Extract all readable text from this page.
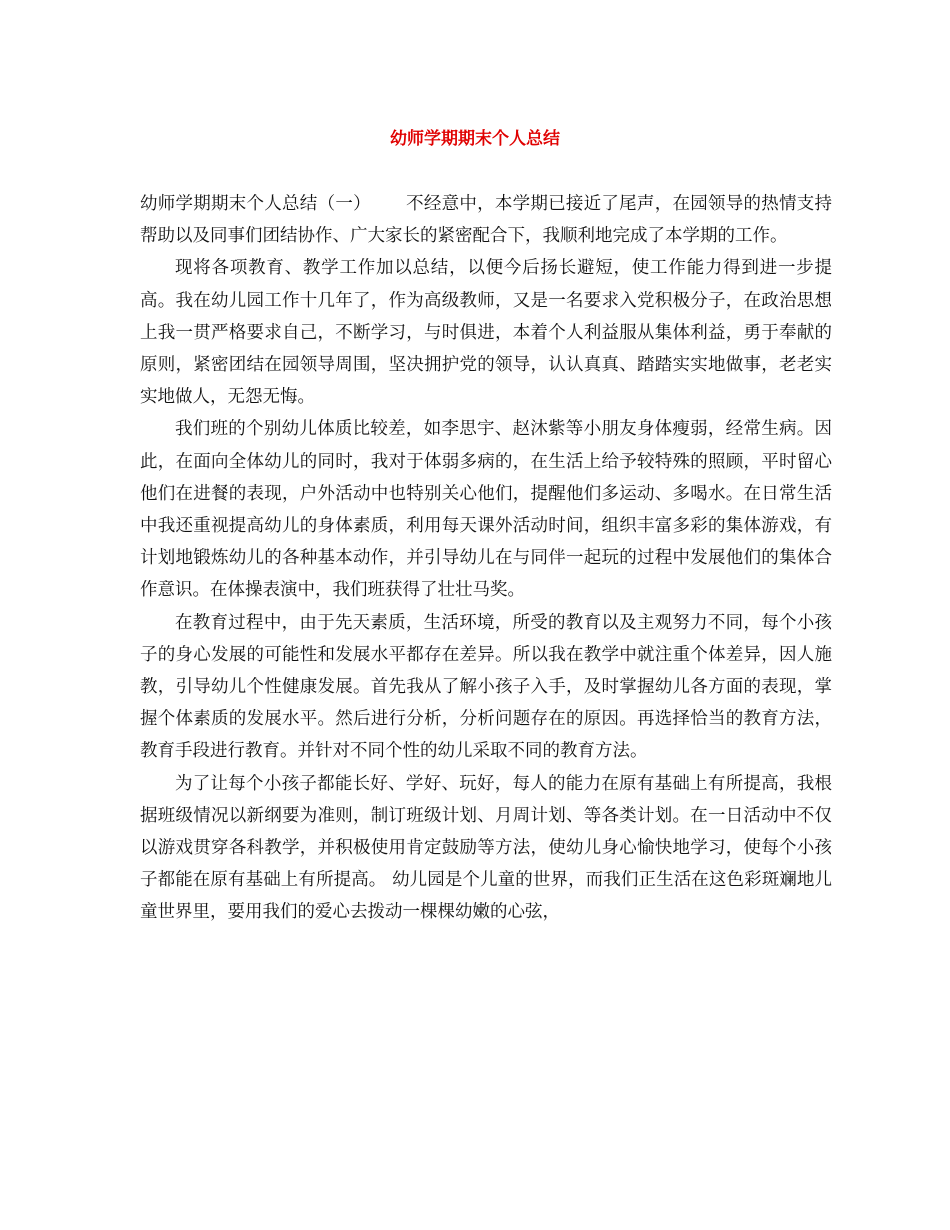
幼师学期期末个人总结

幼师学期期末个人总结（一） 不经意中，本学期已接近了尾声，在园领导的热情支持帮助以及同事们团结协作、广大家长的紧密配合下，我顺利地完成了本学期的工作。

现将各项教育、教学工作加以总结，以便今后扬长避短，使工作能力得到进一步提高。我在幼儿园工作十几年了，作为高级教师，又是一名要求入党积极分子，在政治思想上我一贯严格要求自己，不断学习，与时俱进，本着个人利益服从集体利益，勇于奉献的原则，紧密团结在园领导周围，坚决拥护党的领导，认认真真、踏踏实实地做事，老老实实地做人，无怨无悔。

我们班的个别幼儿体质比较差，如李思宇、赵沐紫等小朋友身体瘦弱，经常生病。因此，在面向全体幼儿的同时，我对于体弱多病的，在生活上给予较特殊的照顾，平时留心他们在进餐的表现，户外活动中也特别关心他们，提醒他们多运动、多喝水。在日常生活中我还重视提高幼儿的身体素质，利用每天课外活动时间，组织丰富多彩的集体游戏，有计划地锻炼幼儿的各种基本动作，并引导幼儿在与同伴一起玩的过程中发展他们的集体合作意识。在体操表演中，我们班获得了壮壮马奖。

在教育过程中，由于先天素质，生活环境，所受的教育以及主观努力不同，每个小孩子的身心发展的可能性和发展水平都存在差异。所以我在教学中就注重个体差异，因人施教，引导幼儿个性健康发展。首先我从了解小孩子入手，及时掌握幼儿各方面的表现，掌握个体素质的发展水平。然后进行分析，分析问题存在的原因。再选择恰当的教育方法，教育手段进行教育。并针对不同个性的幼儿采取不同的教育方法。

为了让每个小孩子都能长好、学好、玩好，每人的能力在原有基础上有所提高，我根据班级情况以新纲要为准则，制订班级计划、月周计划、等各类计划。在一日活动中不仅以游戏贯穿各科教学，并积极使用肯定鼓励等方法，使幼儿身心愉快地学习，使每个小孩子都能在原有基础上有所提高。 幼儿园是个儿童的世界，而我们正生活在这色彩斑斓地儿童世界里，要用我们的爱心去拨动一棵棵幼嫩的心弦，
